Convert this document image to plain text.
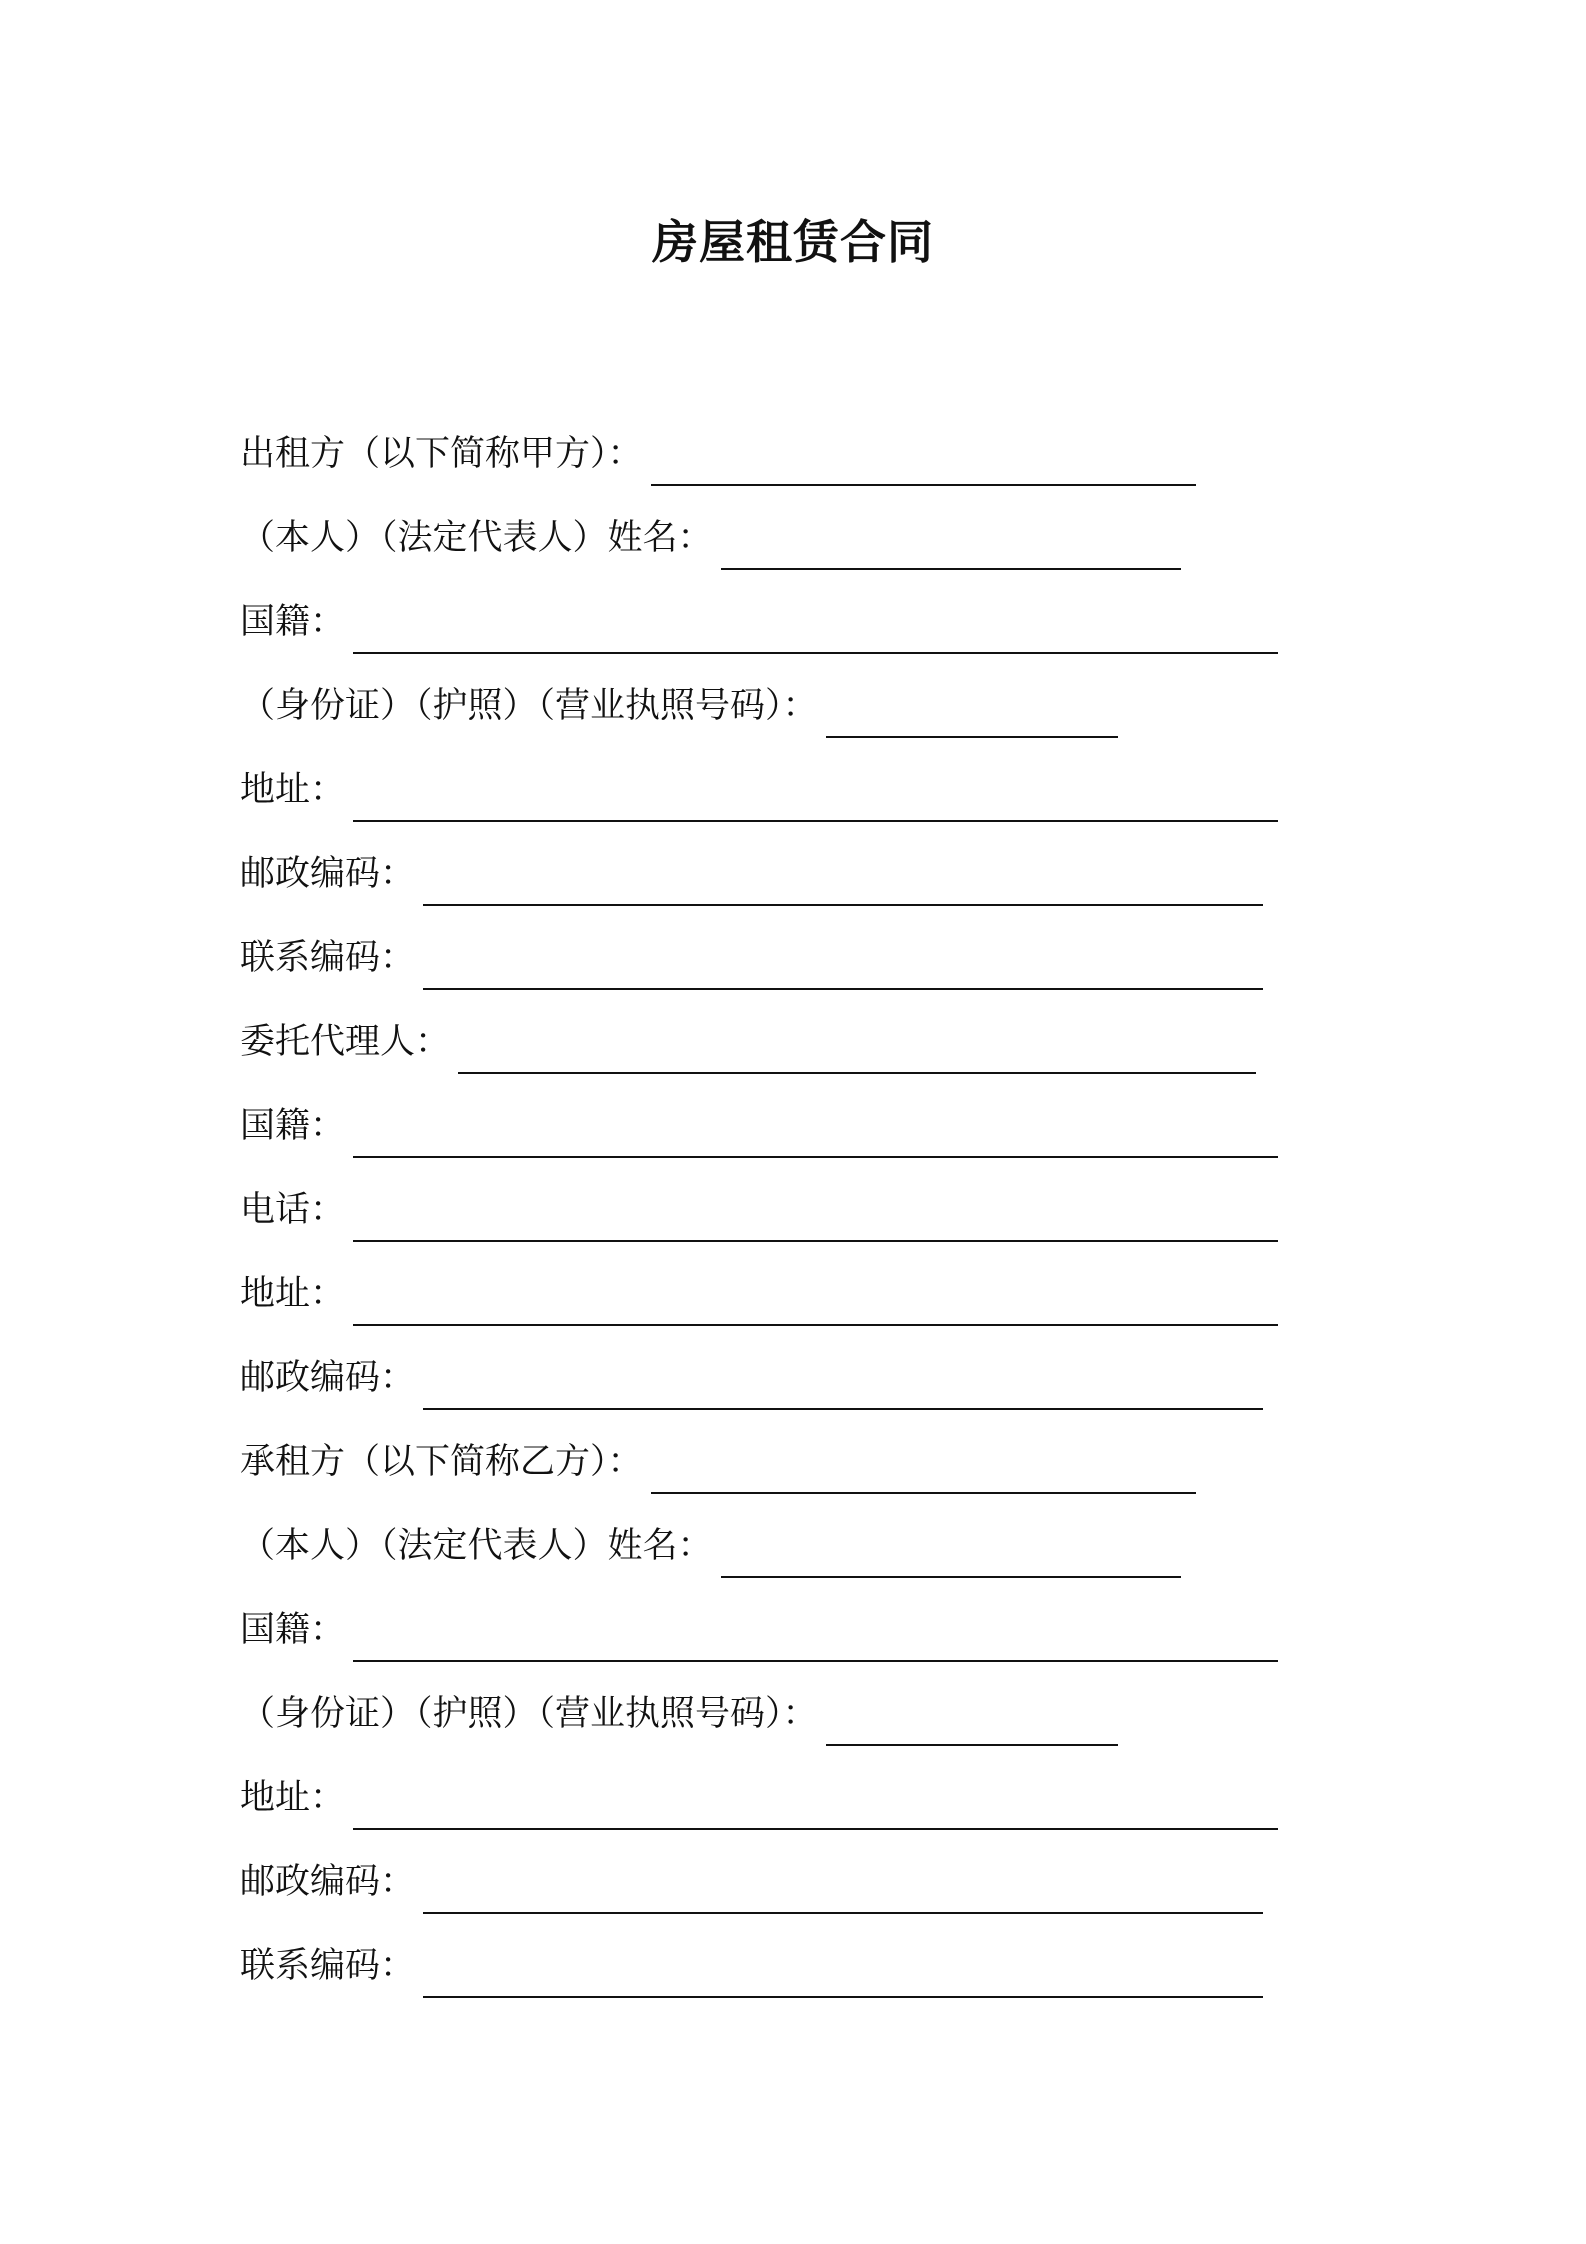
房屋租赁合同
出租方（以下简称甲方）：
（本人）（法定代表人）姓名：
国籍：
（身份证）（护照）（营业执照号码）：
地址：
邮政编码：
联系编码：
委托代理人：
国籍：
电话：
地址：
邮政编码：
承租方（以下简称乙方）：
（本人）（法定代表人）姓名：
国籍：
（身份证）（护照）（营业执照号码）：
地址：
邮政编码：
联系编码：
